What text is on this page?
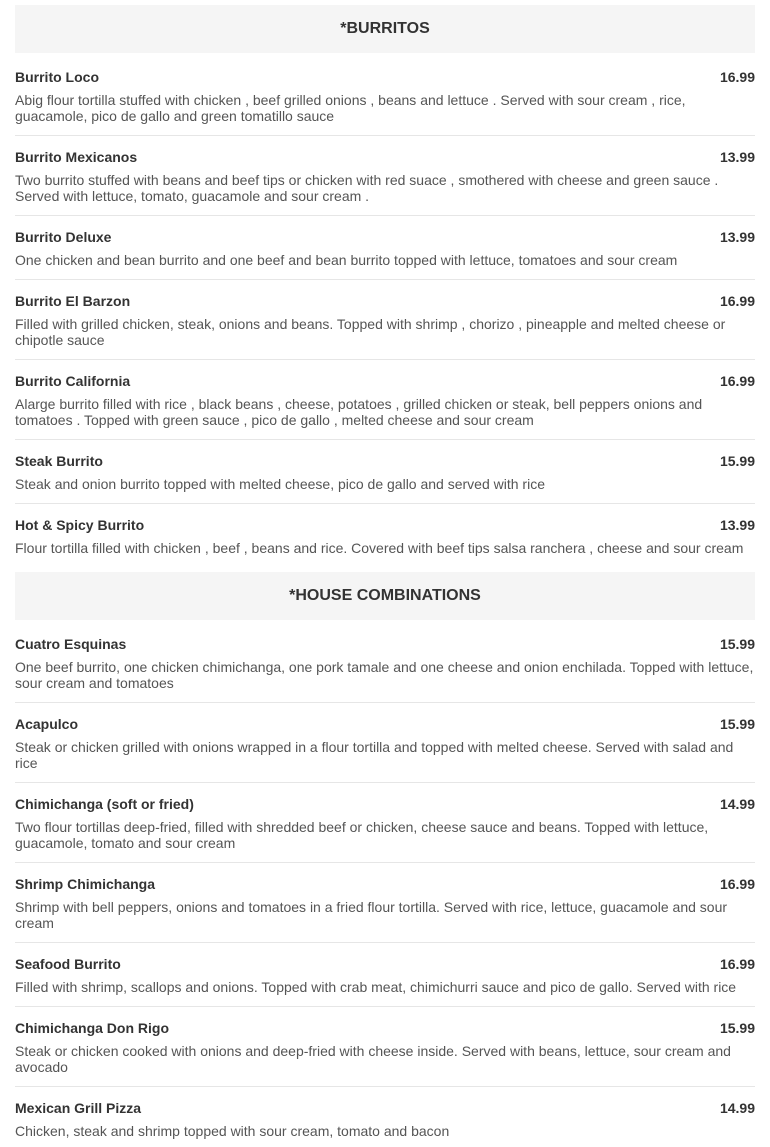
*BURRITOS
Burrito Loco	16.99
Abig flour tortilla stuffed with chicken , beef grilled onions , beans and lettuce . Served with sour cream , rice, guacamole, pico de gallo and green tomatillo sauce
Burrito Mexicanos	13.99
Two burrito stuffed with beans and beef tips or chicken with red suace , smothered with cheese and green sauce . Served with lettuce, tomato, guacamole and sour cream .
Burrito Deluxe	13.99
One chicken and bean burrito and one beef and bean burrito topped with lettuce, tomatoes and sour cream
Burrito El Barzon	16.99
Filled with grilled chicken, steak, onions and beans. Topped with shrimp , chorizo , pineapple and melted cheese or chipotle sauce
Burrito California	16.99
Alarge burrito filled with rice , black beans , cheese, potatoes , grilled chicken or steak, bell peppers onions and tomatoes . Topped with green sauce , pico de gallo , melted cheese and sour cream
Steak Burrito	15.99
Steak and onion burrito topped with melted cheese, pico de gallo and served with rice
Hot & Spicy Burrito	13.99
Flour tortilla filled with chicken , beef , beans and rice. Covered with beef tips salsa ranchera , cheese and sour cream
*HOUSE COMBINATIONS
Cuatro Esquinas	15.99
One beef burrito, one chicken chimichanga, one pork tamale and one cheese and onion enchilada. Topped with lettuce, sour cream and tomatoes
Acapulco	15.99
Steak or chicken grilled with onions wrapped in a flour tortilla and topped with melted cheese. Served with salad and rice
Chimichanga (soft or fried)	14.99
Two flour tortillas deep-fried, filled with shredded beef or chicken, cheese sauce and beans. Topped with lettuce, guacamole, tomato and sour cream
Shrimp Chimichanga	16.99
Shrimp with bell peppers, onions and tomatoes in a fried flour tortilla. Served with rice, lettuce, guacamole and sour cream
Seafood Burrito	16.99
Filled with shrimp, scallops and onions. Topped with crab meat, chimichurri sauce and pico de gallo. Served with rice
Chimichanga Don Rigo	15.99
Steak or chicken cooked with onions and deep-fried with cheese inside. Served with beans, lettuce, sour cream and avocado
Mexican Grill Pizza	14.99
Chicken, steak and shrimp topped with sour cream, tomato and bacon
